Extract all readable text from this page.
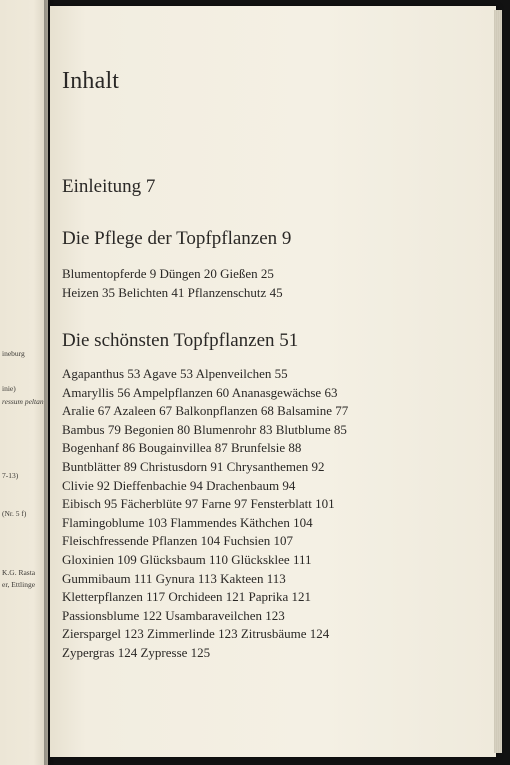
ineburg
inie)
ressum peltan
7-13)
(Nr. 5 f)
K.G. Rasta
er, Ettlinge
Inhalt
Einleitung 7
Die Pflege der Topfpflanzen 9
Blumentopferde 9 Düngen 20 Gießen 25
Heizen 35 Belichten 41 Pflanzenschutz 45
Die schönsten Topfpflanzen 51
Agapanthus 53 Agave 53 Alpenveilchen 55
Amaryllis 56 Ampelpflanzen 60 Ananasgewächse 63
Aralie 67 Azaleen 67 Balkonpflanzen 68 Balsamine 77
Bambus 79 Begonien 80 Blumenrohr 83 Blutblume 85
Bogenhanf 86 Bougainvillea 87 Brunfelsie 88
Buntblätter 89 Christusdorn 91 Chrysanthemen 92
Clivie 92 Dieffenbachie 94 Drachenbaum 94
Eibisch 95 Fächerblüte 97 Farne 97 Fensterblatt 101
Flamingoblume 103 Flammendes Käthchen 104
Fleischfressende Pflanzen 104 Fuchsien 107
Gloxinien 109 Glücksbaum 110 Glücksklee 111
Gummibaum 111 Gynura 113 Kakteen 113
Kletterpflanzen 117 Orchideen 121 Paprika 121
Passionsblume 122 Usambaraveilchen 123
Zierspargel 123 Zimmerlinde 123 Zitrusbäume 124
Zypergras 124 Zypresse 125
